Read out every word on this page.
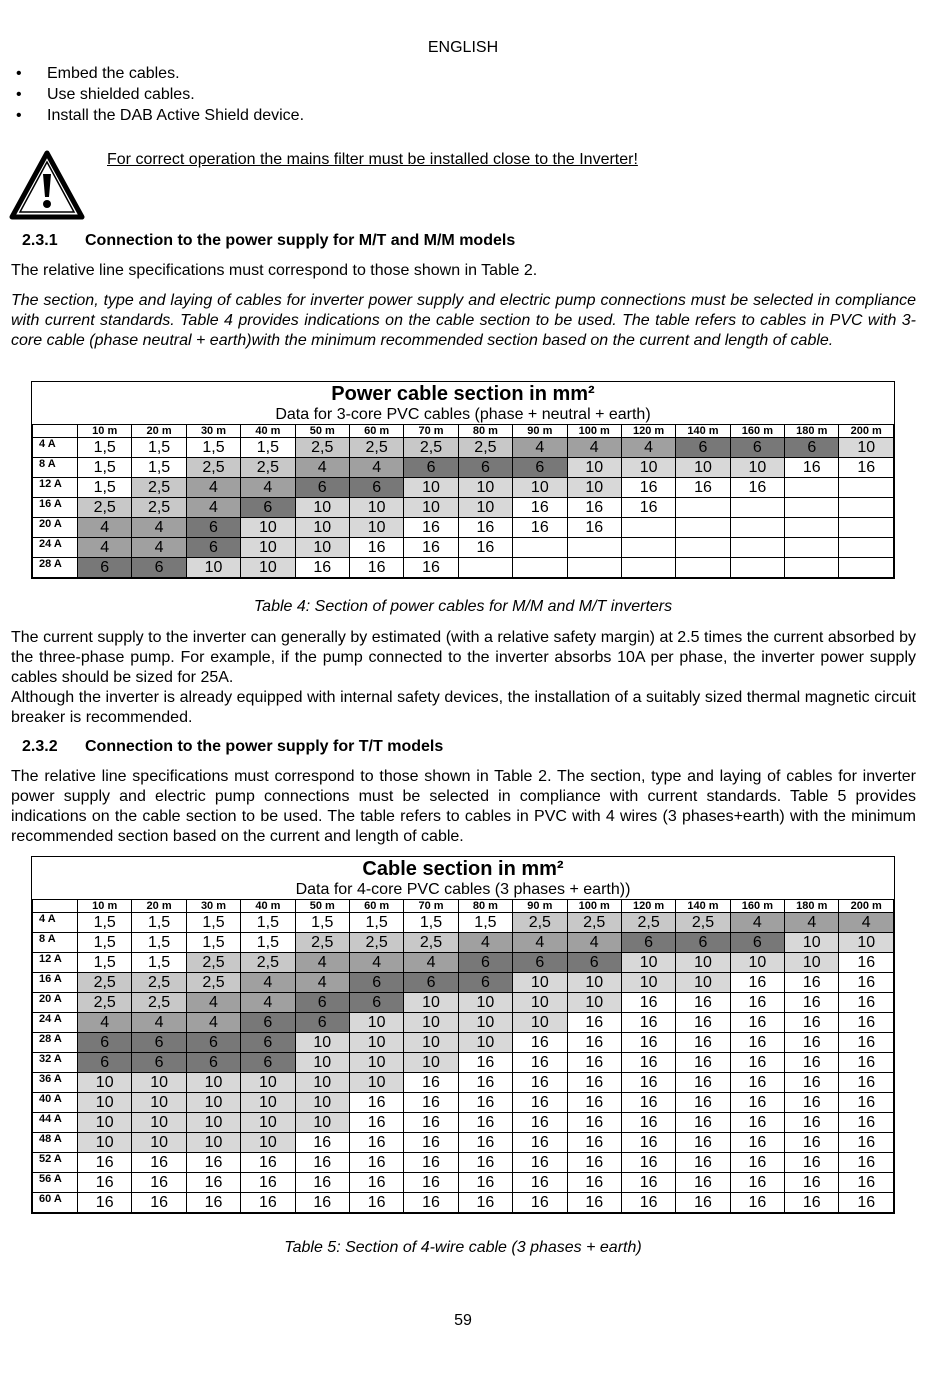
ENGLISH
• Embed the cables.
• Use shielded cables.
• Install the DAB Active Shield device.
For correct operation the mains filter must be installed close to the Inverter!
2.3.1 Connection to the power supply for M/T and M/M models

The relative line specifications must correspond to those shown in Table 2.

The section, type and laying of cables for inverter power supply and electric pump connections must be selected in compliance with current standards. Table 4 provides indications on the cable section to be used. The table refers to cables in PVC with 3-core cable (phase neutral + earth)with the minimum recommended section based on the current and length of cable.

Power cable section in mm²
Data for 3-core PVC cables (phase + neutral + earth)
	10 m	20 m	30 m	40 m	50 m	60 m	70 m	80 m	90 m	100 m	120 m	140 m	160 m	180 m	200 m
4 A	1,5	1,5	1,5	1,5	2,5	2,5	2,5	2,5	4	4	4	6	6	6	10
8 A	1,5	1,5	2,5	2,5	4	4	6	6	6	10	10	10	10	16	16
12 A	1,5	2,5	4	4	6	6	10	10	10	10	16	16	16		
16 A	2,5	2,5	4	6	10	10	10	10	16	16	16				
20 A	4	4	6	10	10	10	16	16	16	16					
24 A	4	4	6	10	10	16	16	16							
28 A	6	6	10	10	16	16	16								
Table 4: Section of power cables for M/M and M/T inverters

The current supply to the inverter can generally by estimated (with a relative safety margin) at 2.5 times the current absorbed by the three-phase pump. For example, if the pump connected to the inverter absorbs 10A per phase, the inverter power supply cables should be sized for 25A.

Although the inverter is already equipped with internal safety devices, the installation of a suitably sized thermal magnetic circuit breaker is recommended.

2.3.2 Connection to the power supply for T/T models

The relative line specifications must correspond to those shown in Table 2. The section, type and laying of cables for inverter power supply and electric pump connections must be selected in compliance with current standards. Table 5 provides indications on the cable section to be used. The table refers to cables in PVC with 4 wires (3 phases+earth) with the minimum recommended section based on the current and length of cable.

Cable section in mm²
Data for 4-core PVC cables (3 phases + earth))
	10 m	20 m	30 m	40 m	50 m	60 m	70 m	80 m	90 m	100 m	120 m	140 m	160 m	180 m	200 m
4 A	1,5	1,5	1,5	1,5	1,5	1,5	1,5	1,5	2,5	2,5	2,5	2,5	4	4	4
8 A	1,5	1,5	1,5	1,5	2,5	2,5	2,5	4	4	4	6	6	6	10	10
12 A	1,5	1,5	2,5	2,5	4	4	4	6	6	6	10	10	10	10	16
16 A	2,5	2,5	2,5	4	4	6	6	6	10	10	10	10	16	16	16
20 A	2,5	2,5	4	4	6	6	10	10	10	10	16	16	16	16	16
24 A	4	4	4	6	6	10	10	10	10	16	16	16	16	16	16
28 A	6	6	6	6	10	10	10	10	16	16	16	16	16	16	16
32 A	6	6	6	6	10	10	10	16	16	16	16	16	16	16	16
36 A	10	10	10	10	10	10	16	16	16	16	16	16	16	16	16
40 A	10	10	10	10	10	16	16	16	16	16	16	16	16	16	16
44 A	10	10	10	10	10	16	16	16	16	16	16	16	16	16	16
48 A	10	10	10	10	16	16	16	16	16	16	16	16	16	16	16
52 A	16	16	16	16	16	16	16	16	16	16	16	16	16	16	16
56 A	16	16	16	16	16	16	16	16	16	16	16	16	16	16	16
60 A	16	16	16	16	16	16	16	16	16	16	16	16	16	16	16
Table 5: Section of 4-wire cable (3 phases + earth)
59
